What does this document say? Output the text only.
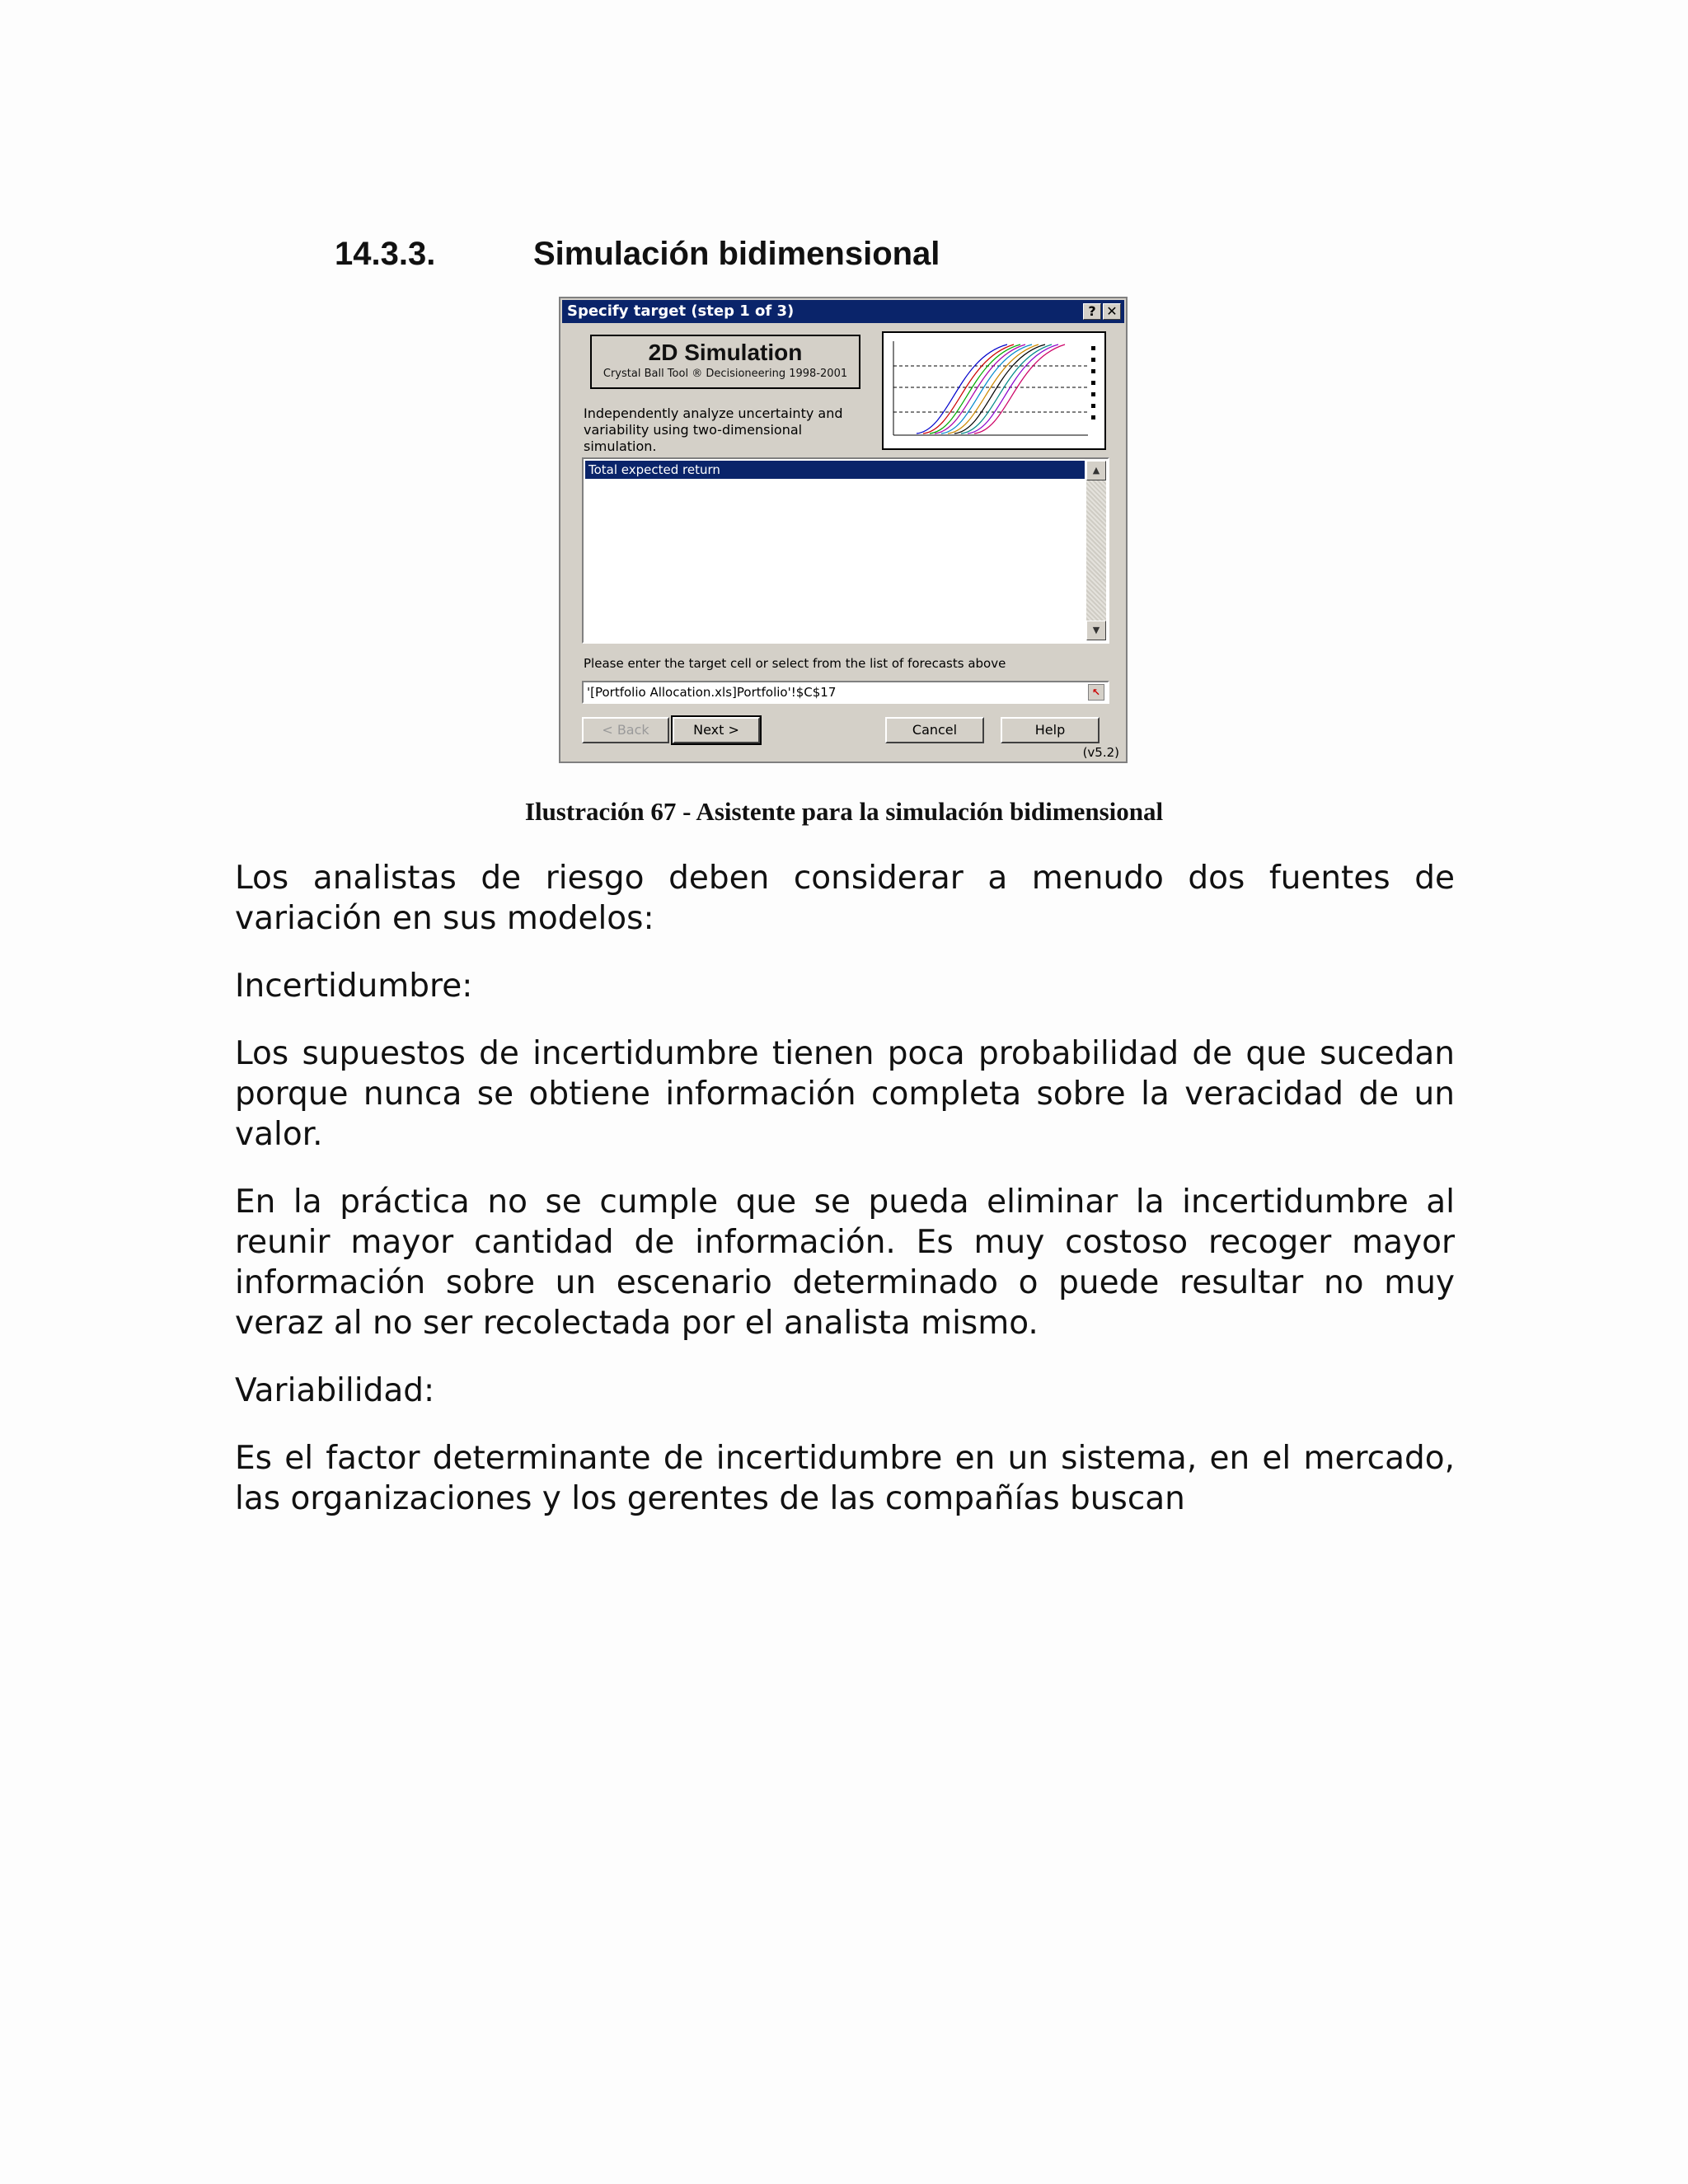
14.3.3.	Simulación bidimensional
Specify target (step 1 of 3)	? ✕
2D Simulation
Crystal Ball Tool ® Decisioneering 1998-2001
Independently analyze uncertainty and variability using two-dimensional simulation.
Total expected return	▲
▼
Please enter the target cell or select from the list of forecasts above
'[Portfolio Allocation.xls]Portfolio'!$C$17	↖
< Back	Next >	Cancel	Help
(v5.2)
Ilustración 67 - Asistente para la simulación bidimensional

Los analistas de riesgo deben considerar a menudo dos fuentes de variación en sus modelos:

Incertidumbre:

Los supuestos de incertidumbre tienen poca probabilidad de que sucedan porque nunca se obtiene información completa sobre la veracidad de un valor.

En la práctica no se cumple que se pueda eliminar la incertidumbre al reunir mayor cantidad de información. Es muy costoso recoger mayor información sobre un escenario determinado o puede resultar no muy veraz al no ser recolectada por el analista mismo.

Variabilidad:

Es el factor determinante de incertidumbre en un sistema, en el mercado, las organizaciones y los gerentes de las compañías buscan
